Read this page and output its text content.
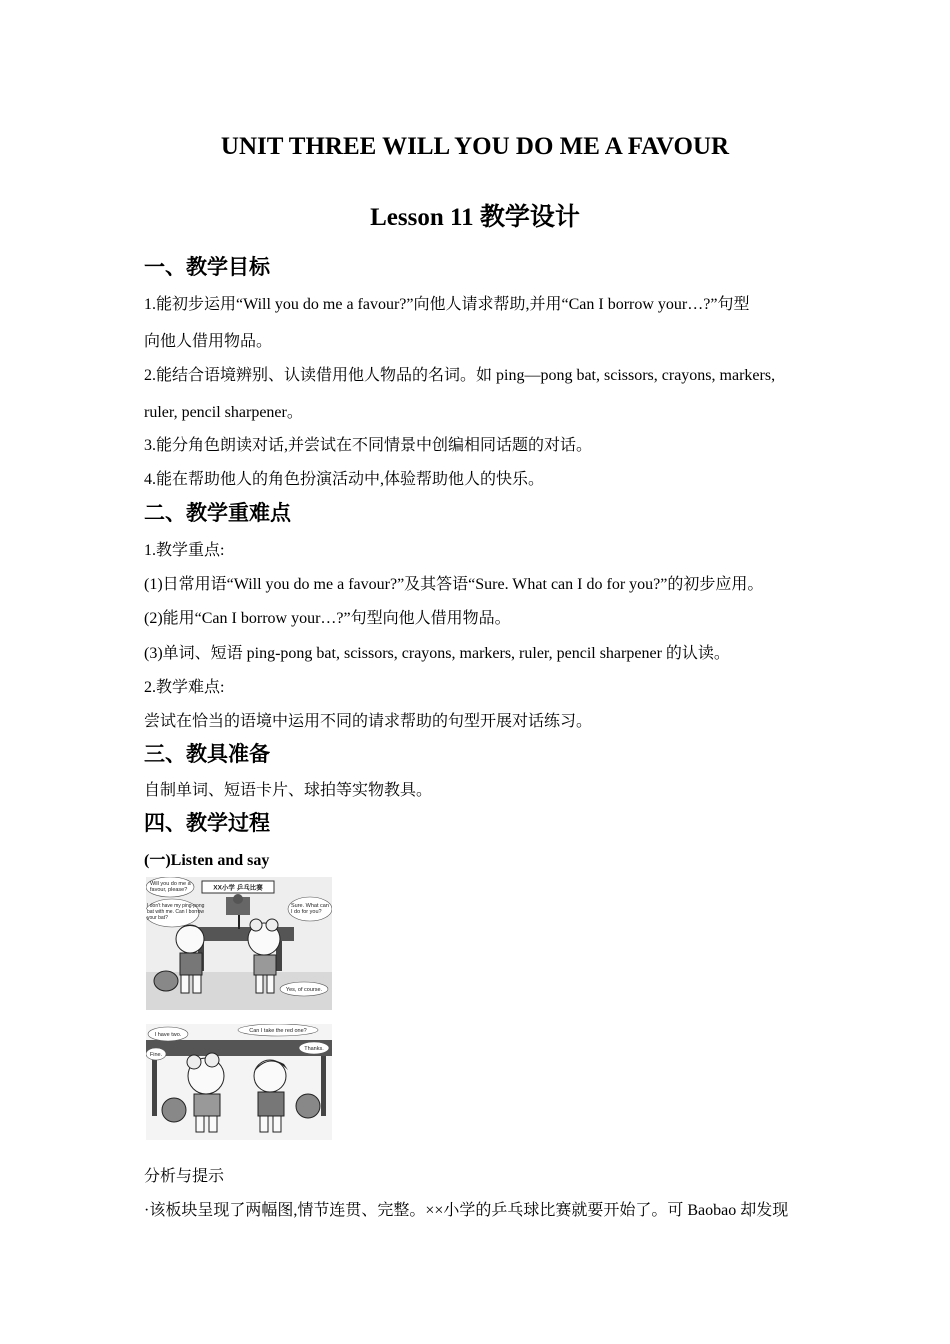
UNIT THREE WILL YOU DO ME A FAVOUR
Lesson 11 教学设计
一、教学目标

1.能初步运用“Will you do me a favour?”向他人请求帮助,并用“Can I borrow your…?”句型

向他人借用物品。

2.能结合语境辨别、认读借用他人物品的名词。如 ping—pong bat, scissors, crayons, markers,

ruler, pencil sharpener。

3.能分角色朗读对话,并尝试在不同情景中创编相同话题的对话。

4.能在帮助他人的角色扮演活动中,体验帮助他人的快乐。

二、教学重难点

1.教学重点:

(1)日常用语“Will you do me a favour?”及其答语“Sure. What can I do for you?”的初步应用。

(2)能用“Can I borrow your…?”句型向他人借用物品。

(3)单词、短语 ping-pong bat, scissors, crayons, markers, ruler, pencil sharpener 的认读。

2.教学难点:

尝试在恰当的语境中运用不同的请求帮助的句型开展对话练习。

三、教具准备

自制单词、短语卡片、球拍等实物教具。

四、教学过程

(一)Listen and say

XX小学 乒乓比赛
Will you do me a favour, please?
I don't have my ping-pong bat with me. Can I borrow your bat?
Sure. What can I do for you?
Yes, of course.
I have two.
Can I take the red one?
Fine.
Thanks.

分析与提示

·该板块呈现了两幅图,情节连贯、完整。××小学的乒乓球比赛就要开始了。可 Baobao 却发现
